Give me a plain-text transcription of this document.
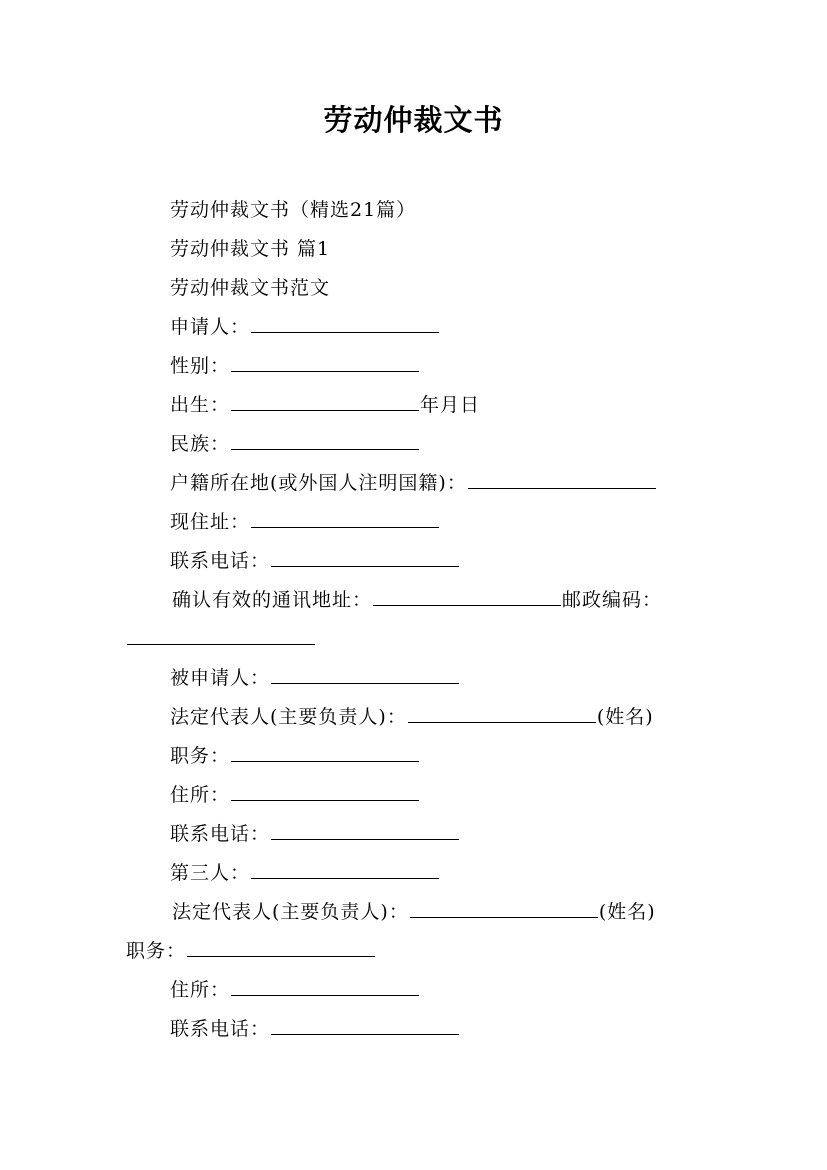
劳动仲裁文书
劳动仲裁文书（精选21篇）
劳动仲裁文书 篇1
劳动仲裁文书范文
申请人：
性别：
出生：	年月日
民族：
户籍所在地(或外国人注明国籍)：
现住址：
联系电话：
确认有效的通讯地址：	邮政编码：
被申请人：
法定代表人(主要负责人)：	(姓名)
职务：
住所：
联系电话：
第三人：
法定代表人(主要负责人)：	(姓名)
职务：
住所：
联系电话：
